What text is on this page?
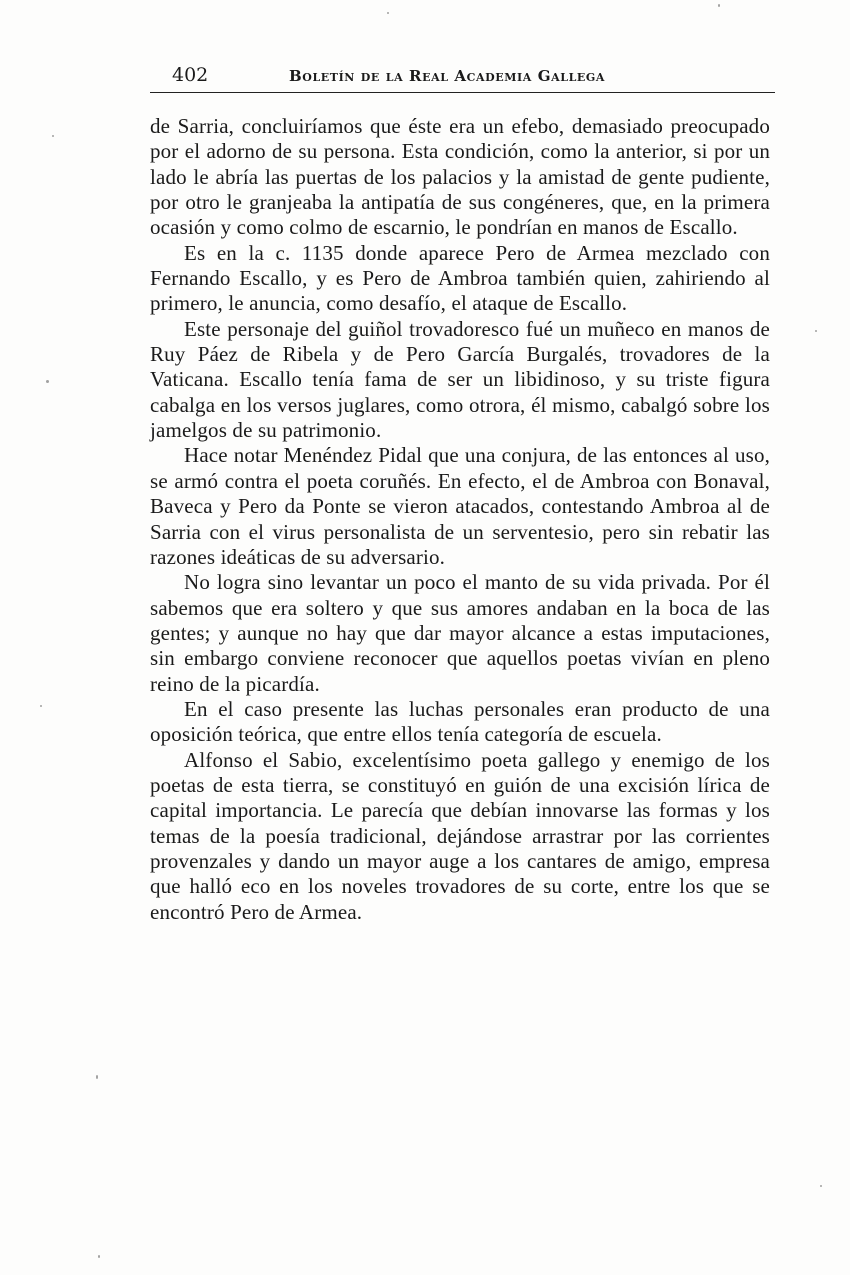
402	Boletín de la Real Academia Gallega

de Sarria, concluiríamos que éste era un efebo, demasiado preocupado por el adorno de su persona. Esta condición, como la anterior, si por un lado le abría las puertas de los palacios y la amistad de gente pudiente, por otro le granjeaba la antipatía de sus congéneres, que, en la primera ocasión y como colmo de escarnio, le pondrían en manos de Escallo.

Es en la c. 1135 donde aparece Pero de Armea mezclado con Fernando Escallo, y es Pero de Ambroa también quien, zahiriendo al primero, le anuncia, como desafío, el ataque de Escallo.

Este personaje del guiñol trovadoresco fué un muñeco en manos de Ruy Páez de Ribela y de Pero García Burgalés, trovadores de la Vaticana. Escallo tenía fama de ser un libidinoso, y su triste figura cabalga en los versos juglares, como otrora, él mismo, cabalgó sobre los jamelgos de su patrimonio.

Hace notar Menéndez Pidal que una conjura, de las entonces al uso, se armó contra el poeta coruñés. En efecto, el de Ambroa con Bonaval, Baveca y Pero da Ponte se vieron atacados, contestando Ambroa al de Sarria con el virus personalista de un serventesio, pero sin rebatir las razones ideáticas de su adversario.

No logra sino levantar un poco el manto de su vida privada. Por él sabemos que era soltero y que sus amores andaban en la boca de las gentes; y aunque no hay que dar mayor alcance a estas imputaciones, sin embargo conviene reconocer que aquellos poetas vivían en pleno reino de la picardía.

En el caso presente las luchas personales eran producto de una oposición teórica, que entre ellos tenía categoría de escuela.

Alfonso el Sabio, excelentísimo poeta gallego y enemigo de los poetas de esta tierra, se constituyó en guión de una excisión lírica de capital importancia. Le parecía que debían innovarse las formas y los temas de la poesía tradicional, dejándose arrastrar por las corrientes provenzales y dando un mayor auge a los cantares de amigo, empresa que halló eco en los noveles trovadores de su corte, entre los que se encontró Pero de Armea.
